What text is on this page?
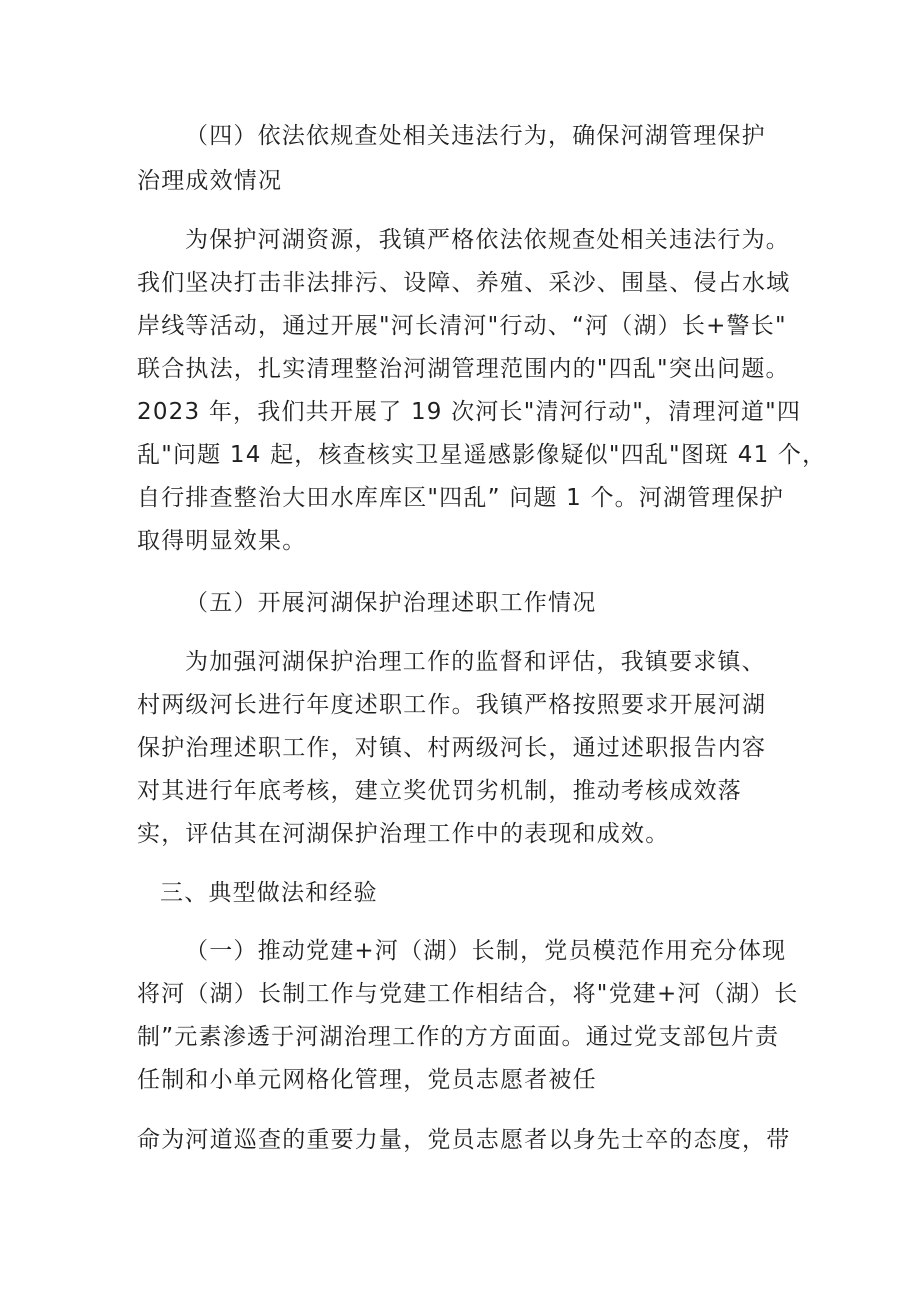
（四）依法依规查处相关违法行为，确保河湖管理保护
治理成效情况
为保护河湖资源，我镇严格依法依规查处相关违法行为。
我们坚决打击非法排污、设障、养殖、采沙、围垦、侵占水域
岸线等活动，通过开展"河长清河"行动、“河（湖）长+警长"
联合执法，扎实清理整治河湖管理范围内的"四乱"突出问题。
2023 年，我们共开展了 19 次河长"清河行动"，清理河道"四
乱"问题 14 起，核查核实卫星遥感影像疑似"四乱"图斑 41 个，
自行排查整治大田水库库区"四乱” 问题 1 个。河湖管理保护
取得明显效果。
（五）开展河湖保护治理述职工作情况
为加强河湖保护治理工作的监督和评估，我镇要求镇、
村两级河长进行年度述职工作。我镇严格按照要求开展河湖
保护治理述职工作，对镇、村两级河长，通过述职报告内容
对其进行年底考核，建立奖优罚劣机制，推动考核成效落
实，评估其在河湖保护治理工作中的表现和成效。
三、典型做法和经验
（一）推动党建+河（湖）长制，党员模范作用充分体现
将河（湖）长制工作与党建工作相结合，将"党建+河（湖）长
制”元素渗透于河湖治理工作的方方面面。通过党支部包片责
任制和小单元网格化管理，党员志愿者被任
命为河道巡查的重要力量，党员志愿者以身先士卒的态度，带
